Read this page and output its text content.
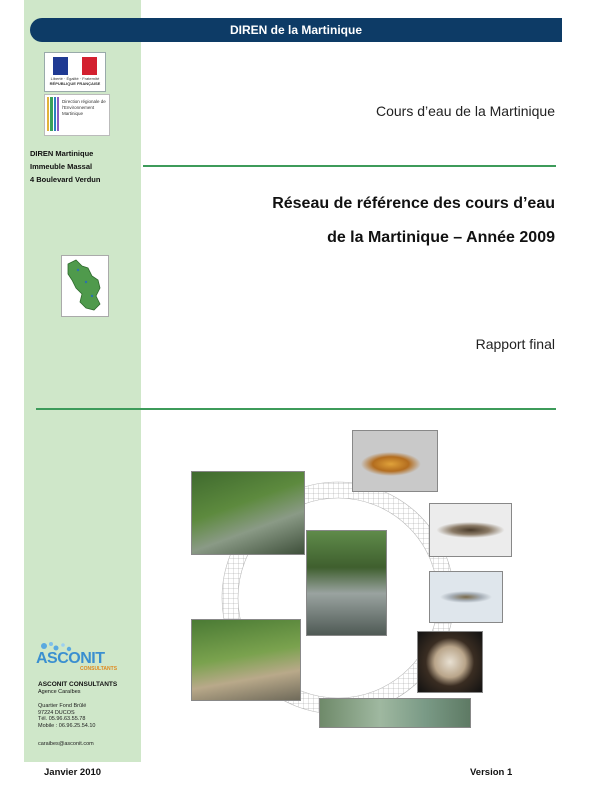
DIREN de la Martinique
Liberté · Égalité · Fraternité
RÉPUBLIQUE FRANÇAISE
Direction régionale de l'Environnement Martinique
DIREN Martinique
Immeuble Massal
4 Boulevard Verdun
Cours d’eau de la Martinique
Réseau de référence des cours d’eau
de la Martinique – Année 2009
Rapport final
ASCONIT
CONSULTANTS
ASCONIT CONSULTANTS
Agence Caraïbes
Quartier Fond Brûlé
97224 DUCOS
Tél. 05.96.63.55.78
Mobile : 06.96.25.54.10
caraibes@asconit.com
Janvier 2010	Version 1
